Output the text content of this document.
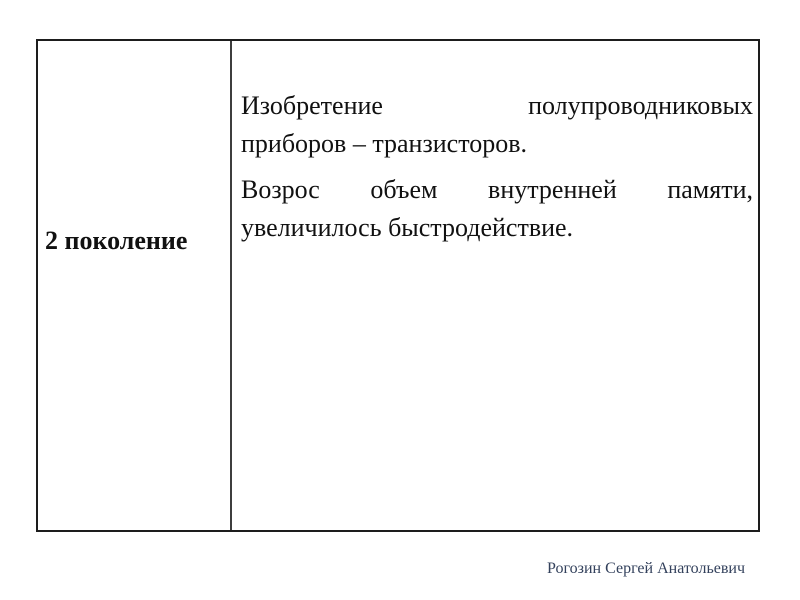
2 поколение
Изобретение полупроводниковых
приборов – транзисторов.
Возрос объем внутренней памяти,
увеличилось быстродействие.
Рогозин Сергей Анатольевич
